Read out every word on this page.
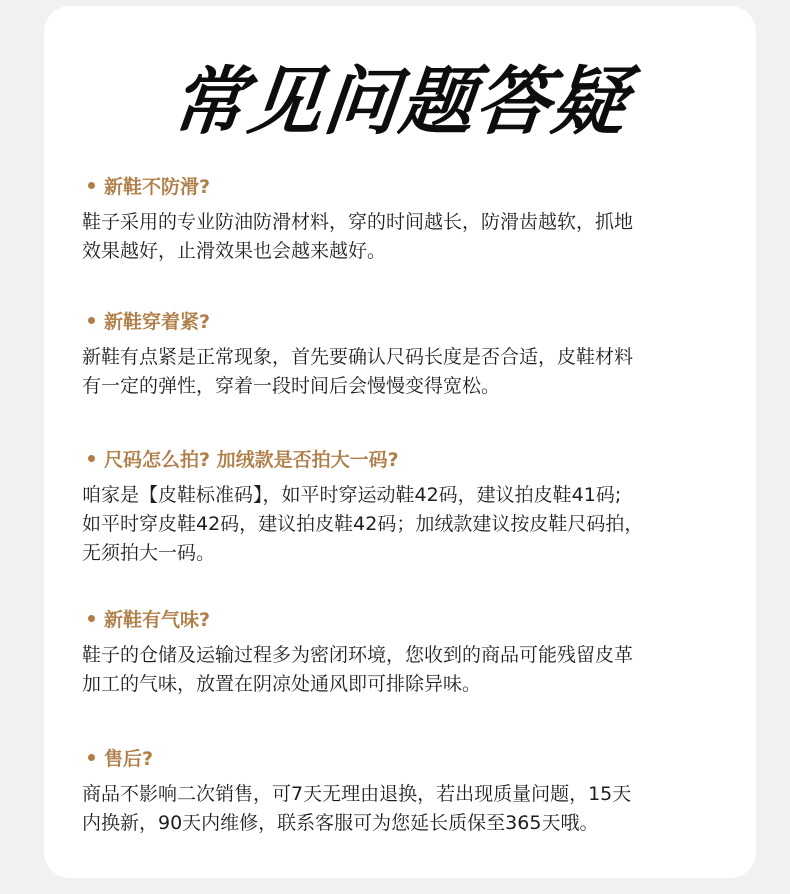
常见问题答疑
新鞋不防滑?
鞋子采用的专业防油防滑材料，穿的时间越长，防滑齿越软，抓地
效果越好，止滑效果也会越来越好。
新鞋穿着紧?
新鞋有点紧是正常现象，首先要确认尺码长度是否合适，皮鞋材料
有一定的弹性，穿着一段时间后会慢慢变得宽松。
尺码怎么拍? 加绒款是否拍大一码?
咱家是【皮鞋标准码】，如平时穿运动鞋42码，建议拍皮鞋41码;
如平时穿皮鞋42码，建议拍皮鞋42码；加绒款建议按皮鞋尺码拍，
无须拍大一码。
新鞋有气味?
鞋子的仓储及运输过程多为密闭环境，您收到的商品可能残留皮革
加工的气味，放置在阴凉处通风即可排除异味。
售后?
商品不影响二次销售，可7天无理由退换，若出现质量问题，15天
内换新，90天内维修，联系客服可为您延长质保至365天哦。
